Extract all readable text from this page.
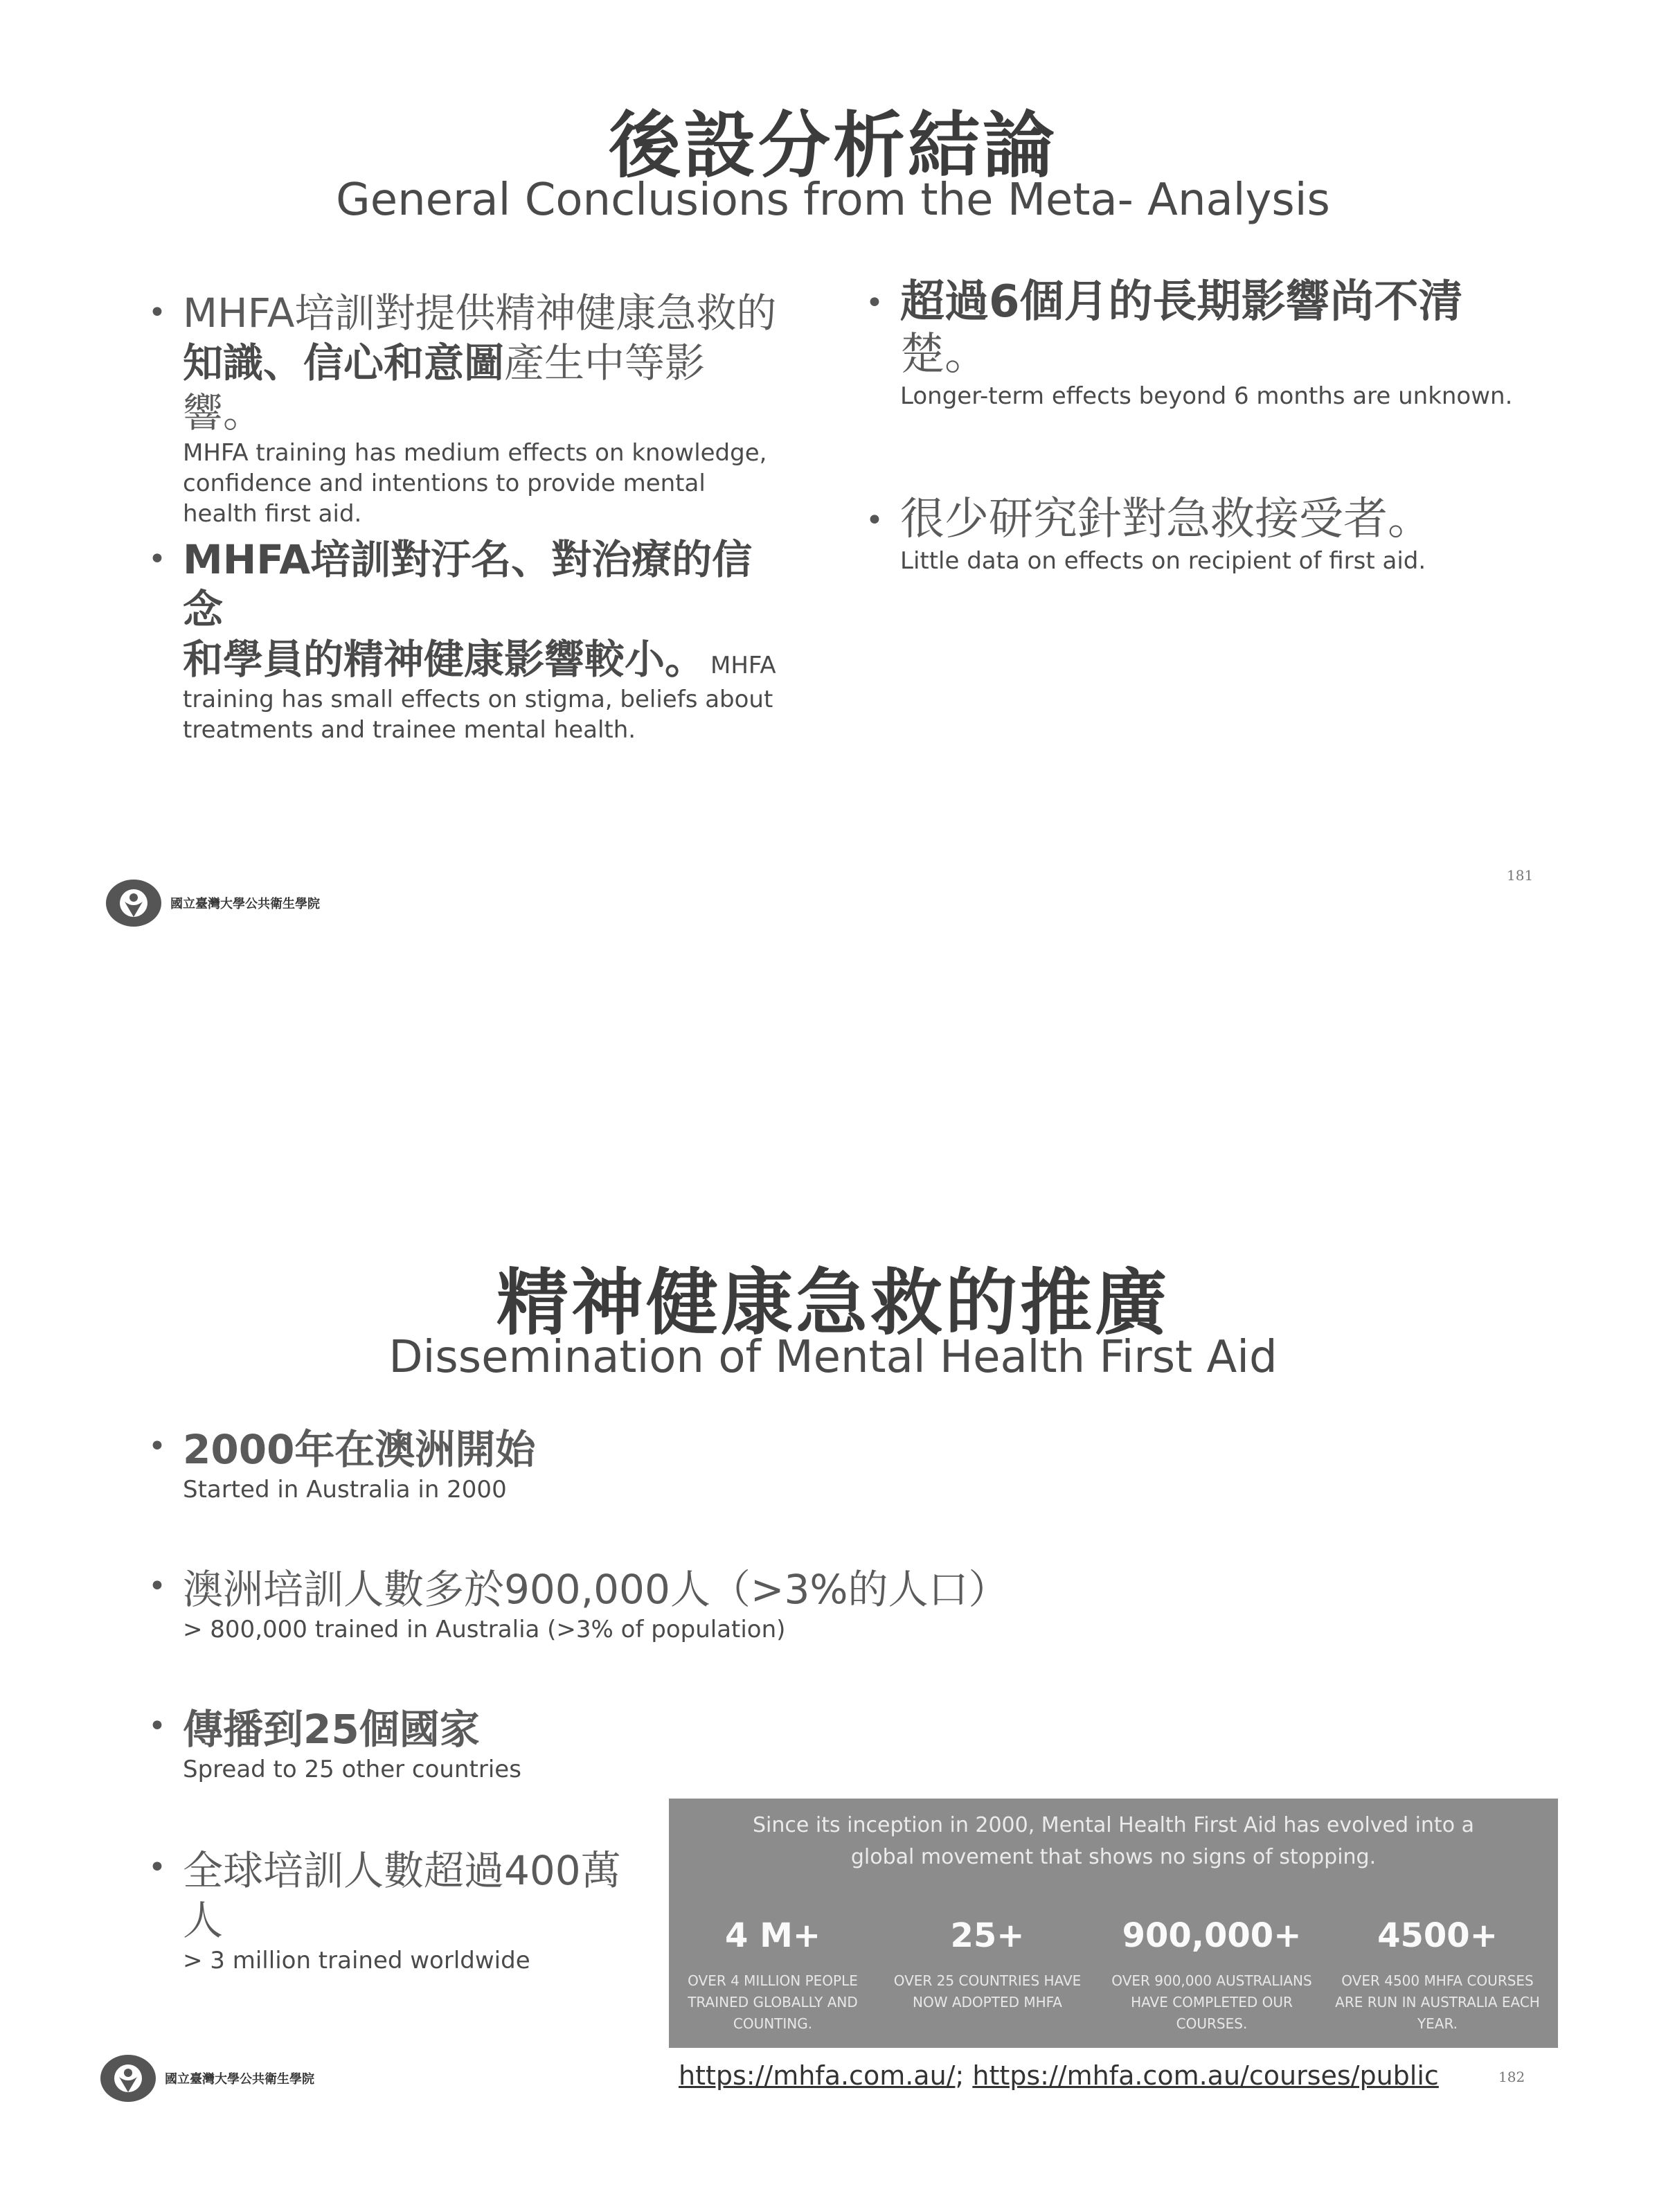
後設分析結論
General Conclusions from the Meta- Analysis
• MHFA培訓對提供精神健康急救的
知識、信心和意圖產生中等影響。
MHFA training has medium effects on knowledge, confidence and intentions to provide mental health first aid.
• MHFA培訓對汙名、對治療的信念
和學員的精神健康影響較小。 MHFA
training has small effects on stigma, beliefs about treatments and trainee mental health.
• 超過6個月的長期影響尚不清
楚。
Longer-term effects beyond 6 months are unknown.
• 很少研究針對急救接受者。
Little data on effects on recipient of first aid.
國立臺灣大學公共衛生學院
181
精神健康急救的推廣
Dissemination of Mental Health First Aid
• 2000年在澳洲開始
Started in Australia in 2000
• 澳洲培訓人數多於900,000人（>3%的人口）
> 800,000 trained in Australia (>3% of population)
• 傳播到25個國家
Spread to 25 other countries
• 全球培訓人數超過400萬人
> 3 million trained worldwide
Since its inception in 2000, Mental Health First Aid has evolved into a global movement that shows no signs of stopping.
4 M+
OVER 4 MILLION PEOPLE TRAINED GLOBALLY AND COUNTING.
25+
OVER 25 COUNTRIES HAVE NOW ADOPTED MHFA
900,000+
OVER 900,000 AUSTRALIANS HAVE COMPLETED OUR COURSES.
4500+
OVER 4500 MHFA COURSES ARE RUN IN AUSTRALIA EACH YEAR.
https://mhfa.com.au/; https://mhfa.com.au/courses/public
國立臺灣大學公共衛生學院	182
